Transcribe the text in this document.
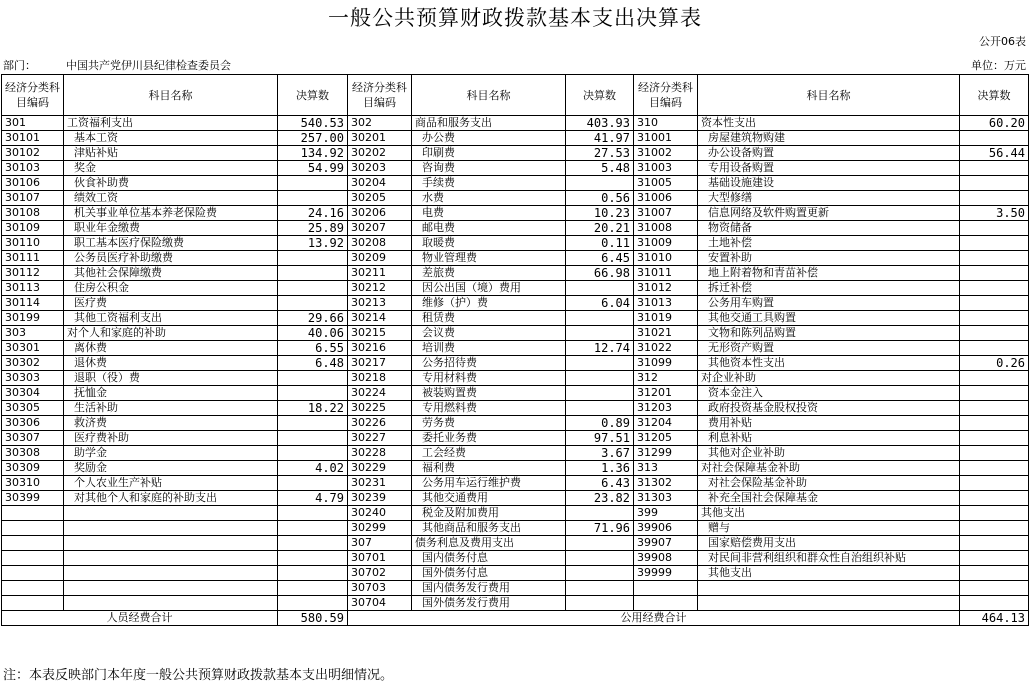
一般公共预算财政拨款基本支出决算表
公开06表
部门：	中国共产党伊川县纪律检查委员会	单位：万元
经济分类科目编码	科目名称	决算数	经济分类科目编码	科目名称	决算数	经济分类科目编码	科目名称	决算数
301	工资福利支出	540.53	302	商品和服务支出	403.93	310	资本性支出	60.20
30101	基本工资	257.00	30201	办公费	41.97	31001	房屋建筑物购建	
30102	津贴补贴	134.92	30202	印刷费	27.53	31002	办公设备购置	56.44
30103	奖金	54.99	30203	咨询费	5.48	31003	专用设备购置	
30106	伙食补助费		30204	手续费		31005	基础设施建设	
30107	绩效工资		30205	水费	0.56	31006	大型修缮	
30108	机关事业单位基本养老保险费	24.16	30206	电费	10.23	31007	信息网络及软件购置更新	3.50
30109	职业年金缴费	25.89	30207	邮电费	20.21	31008	物资储备	
30110	职工基本医疗保险缴费	13.92	30208	取暖费	0.11	31009	土地补偿	
30111	公务员医疗补助缴费		30209	物业管理费	6.45	31010	安置补助	
30112	其他社会保障缴费		30211	差旅费	66.98	31011	地上附着物和青苗补偿	
30113	住房公积金		30212	因公出国（境）费用		31012	拆迁补偿	
30114	医疗费		30213	维修（护）费	6.04	31013	公务用车购置	
30199	其他工资福利支出	29.66	30214	租赁费		31019	其他交通工具购置	
303	对个人和家庭的补助	40.06	30215	会议费		31021	文物和陈列品购置	
30301	离休费	6.55	30216	培训费	12.74	31022	无形资产购置	
30302	退休费	6.48	30217	公务招待费		31099	其他资本性支出	0.26
30303	退职（役）费		30218	专用材料费		312	对企业补助	
30304	抚恤金		30224	被装购置费		31201	资本金注入	
30305	生活补助	18.22	30225	专用燃料费		31203	政府投资基金股权投资	
30306	救济费		30226	劳务费	0.89	31204	费用补贴	
30307	医疗费补助		30227	委托业务费	97.51	31205	利息补贴	
30308	助学金		30228	工会经费	3.67	31299	其他对企业补助	
30309	奖励金	4.02	30229	福利费	1.36	313	对社会保障基金补助	
30310	个人农业生产补贴		30231	公务用车运行维护费	6.43	31302	对社会保险基金补助	
30399	对其他个人和家庭的补助支出	4.79	30239	其他交通费用	23.82	31303	补充全国社会保障基金	
			30240	税金及附加费用		399	其他支出	
			30299	其他商品和服务支出	71.96	39906	赠与	
			307	债务利息及费用支出		39907	国家赔偿费用支出	
			30701	国内债务付息		39908	对民间非营利组织和群众性自治组织补贴	
			30702	国外债务付息		39999	其他支出	
			30703	国内债务发行费用				
			30704	国外债务发行费用				
人员经费合计		580.59	公用经费合计					464.13
注：本表反映部门本年度一般公共预算财政拨款基本支出明细情况。
